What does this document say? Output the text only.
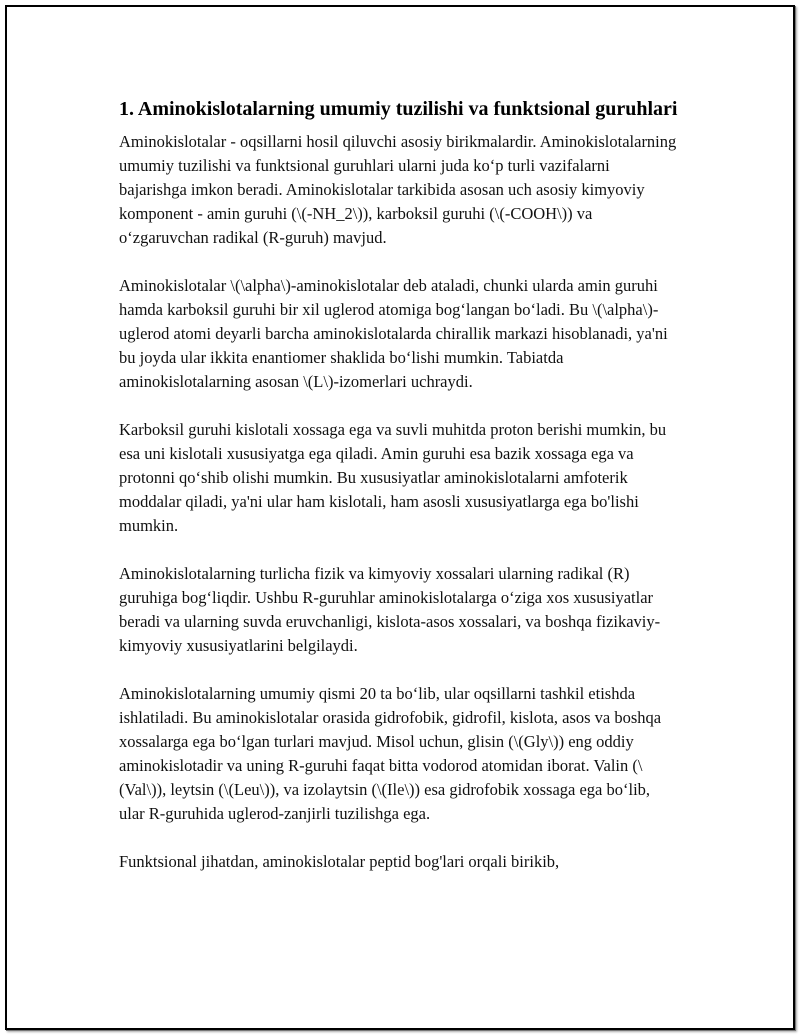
1. Aminokislotalarning umumiy tuzilishi va funktsional guruhlari

Aminokislotalar - oqsillarni hosil qiluvchi asosiy birikmalardir. Aminokislotalarning umumiy tuzilishi va funktsional guruhlari ularni juda ko‘p turli vazifalarni bajarishga imkon beradi. Aminokislotalar tarkibida asosan uch asosiy kimyoviy komponent - amin guruhi (\(-NH_2\)), karboksil guruhi (\(-COOH\)) va o‘zgaruvchan radikal (R-guruh) mavjud.

Aminokislotalar \(\alpha\)-aminokislotalar deb ataladi, chunki ularda amin guruhi hamda karboksil guruhi bir xil uglerod atomiga bog‘langan bo‘ladi. Bu \(\alpha\)-uglerod atomi deyarli barcha aminokislotalarda chirallik markazi hisoblanadi, ya'ni bu joyda ular ikkita enantiomer shaklida bo‘lishi mumkin. Tabiatda aminokislotalarning asosan \(L\)-izomerlari uchraydi.

Karboksil guruhi kislotali xossaga ega va suvli muhitda proton berishi mumkin, bu esa uni kislotali xususiyatga ega qiladi. Amin guruhi esa bazik xossaga ega va protonni qo‘shib olishi mumkin. Bu xususiyatlar aminokislotalarni amfoterik moddalar qiladi, ya'ni ular ham kislotali, ham asosli xususiyatlarga ega bo'lishi mumkin.

Aminokislotalarning turlicha fizik va kimyoviy xossalari ularning radikal (R) guruhiga bog‘liqdir. Ushbu R-guruhlar aminokislotalarga o‘ziga xos xususiyatlar beradi va ularning suvda eruvchanligi, kislota-asos xossalari, va boshqa fizikaviy-kimyoviy xususiyatlarini belgilaydi.

Aminokislotalarning umumiy qismi 20 ta bo‘lib, ular oqsillarni tashkil etishda ishlatiladi. Bu aminokislotalar orasida gidrofobik, gidrofil, kislota, asos va boshqa xossalarga ega bo‘lgan turlari mavjud. Misol uchun, glisin (\(Gly\)) eng oddiy aminokislotadir va uning R-guruhi faqat bitta vodorod atomidan iborat. Valin (\(Val\)), leytsin (\(Leu\)), va izolaytsin (\(Ile\)) esa gidrofobik xossaga ega bo‘lib, ular R-guruhida uglerod-zanjirli tuzilishga ega.

Funktsional jihatdan, aminokislotalar peptid bog'lari orqali birikib,
